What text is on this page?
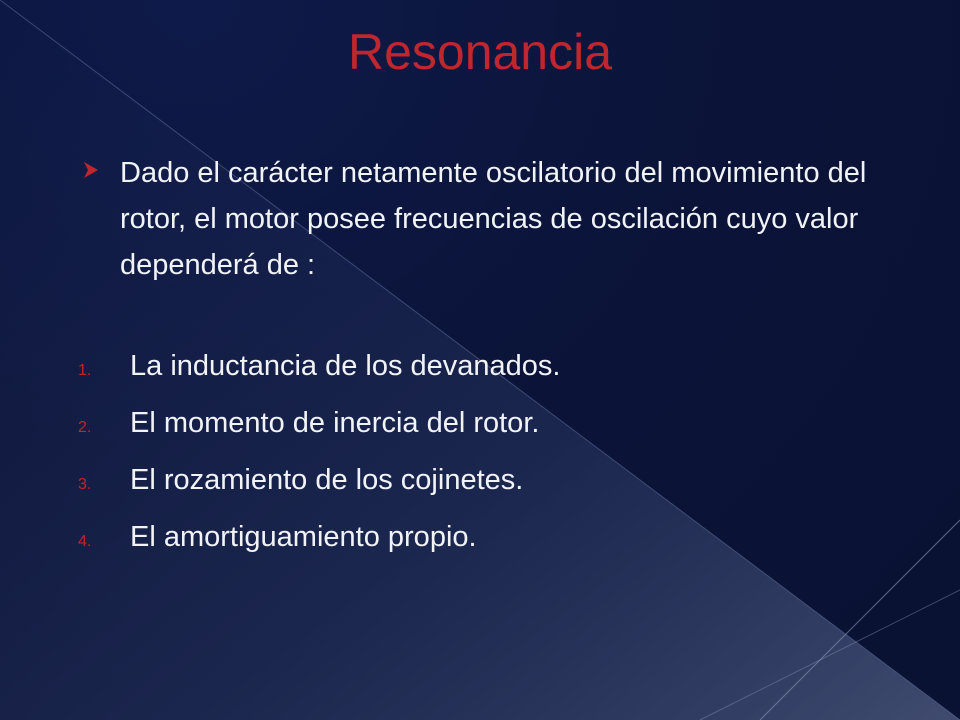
Resonancia
Dado el carácter netamente oscilatorio del movimiento del rotor, el motor posee frecuencias de oscilación cuyo valor dependerá de :
1.	La inductancia de los devanados.
2.	El momento de inercia del rotor.
3.	El rozamiento de los cojinetes.
4.	El amortiguamiento propio.
